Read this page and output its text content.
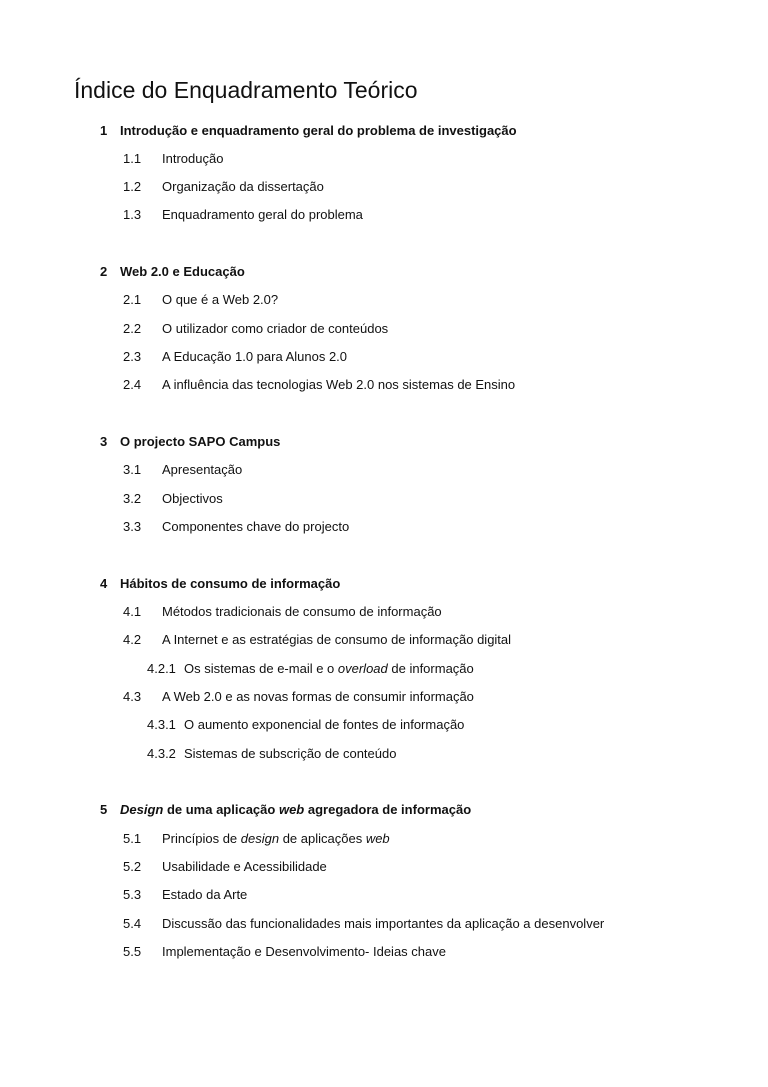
Índice do Enquadramento Teórico
1 Introdução e enquadramento geral do problema de investigação
1.1 Introdução
1.2 Organização da dissertação
1.3 Enquadramento geral do problema
2 Web 2.0 e Educação
2.1 O que é a Web 2.0?
2.2 O utilizador como criador de conteúdos
2.3 A Educação 1.0 para Alunos 2.0
2.4 A influência das tecnologias Web 2.0 nos sistemas de Ensino
3 O projecto SAPO Campus
3.1 Apresentação
3.2 Objectivos
3.3 Componentes chave do projecto
4 Hábitos de consumo de informação
4.1 Métodos tradicionais de consumo de informação
4.2 A Internet e as estratégias de consumo de informação digital
4.2.1 Os sistemas de e-mail e o overload de informação
4.3 A Web 2.0 e as novas formas de consumir informação
4.3.1 O aumento exponencial de fontes de informação
4.3.2 Sistemas de subscrição de conteúdo
5 Design de uma aplicação web agregadora de informação
5.1 Princípios de design de aplicações web
5.2 Usabilidade e Acessibilidade
5.3 Estado da Arte
5.4 Discussão das funcionalidades mais importantes da aplicação a desenvolver
5.5 Implementação e Desenvolvimento- Ideias chave
